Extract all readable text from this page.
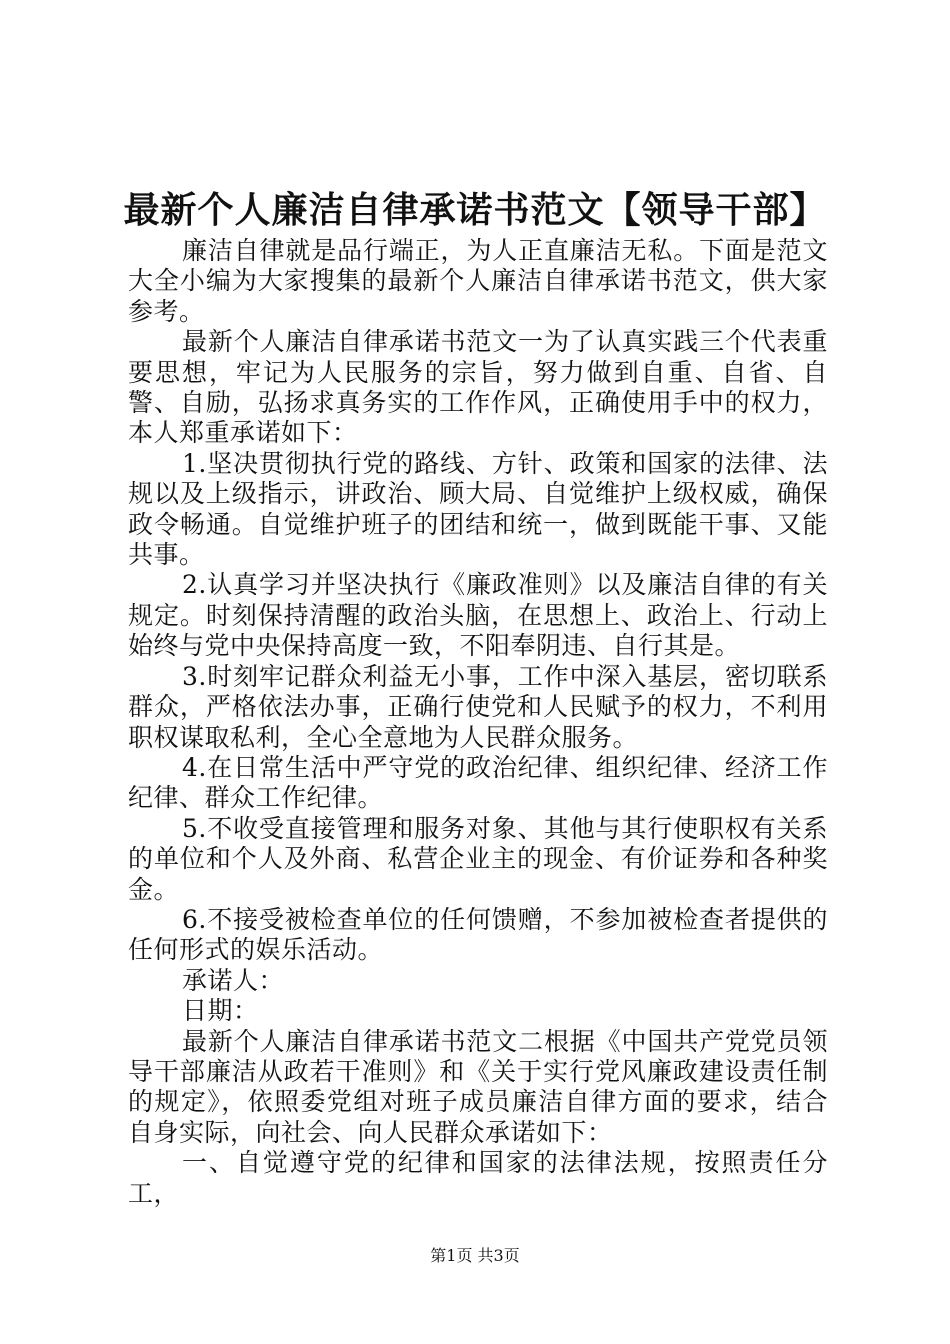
最新个人廉洁自律承诺书范文【领导干部】

廉洁自律就是品行端正，为人正直廉洁无私。下面是范文大全小编为大家搜集的最新个人廉洁自律承诺书范文，供大家参考。

最新个人廉洁自律承诺书范文一为了认真实践三个代表重要思想，牢记为人民服务的宗旨，努力做到自重、自省、自警、自励，弘扬求真务实的工作作风，正确使用手中的权力，本人郑重承诺如下：

1.坚决贯彻执行党的路线、方针、政策和国家的法律、法规以及上级指示，讲政治、顾大局、自觉维护上级权威，确保政令畅通。自觉维护班子的团结和统一，做到既能干事、又能共事。

2.认真学习并坚决执行《廉政准则》以及廉洁自律的有关规定。时刻保持清醒的政治头脑，在思想上、政治上、行动上始终与党中央保持高度一致，不阳奉阴违、自行其是。

3.时刻牢记群众利益无小事，工作中深入基层，密切联系群众，严格依法办事，正确行使党和人民赋予的权力，不利用职权谋取私利，全心全意地为人民群众服务。

4.在日常生活中严守党的政治纪律、组织纪律、经济工作纪律、群众工作纪律。

5.不收受直接管理和服务对象、其他与其行使职权有关系的单位和个人及外商、私营企业主的现金、有价证券和各种奖金。

6.不接受被检查单位的任何馈赠，不参加被检查者提供的任何形式的娱乐活动。

承诺人：

日期：

最新个人廉洁自律承诺书范文二根据《中国共产党党员领导干部廉洁从政若干准则》和《关于实行党风廉政建设责任制的规定》，依照委党组对班子成员廉洁自律方面的要求，结合自身实际，向社会、向人民群众承诺如下：

一、自觉遵守党的纪律和国家的法律法规，按照责任分工，

第1页 共3页
